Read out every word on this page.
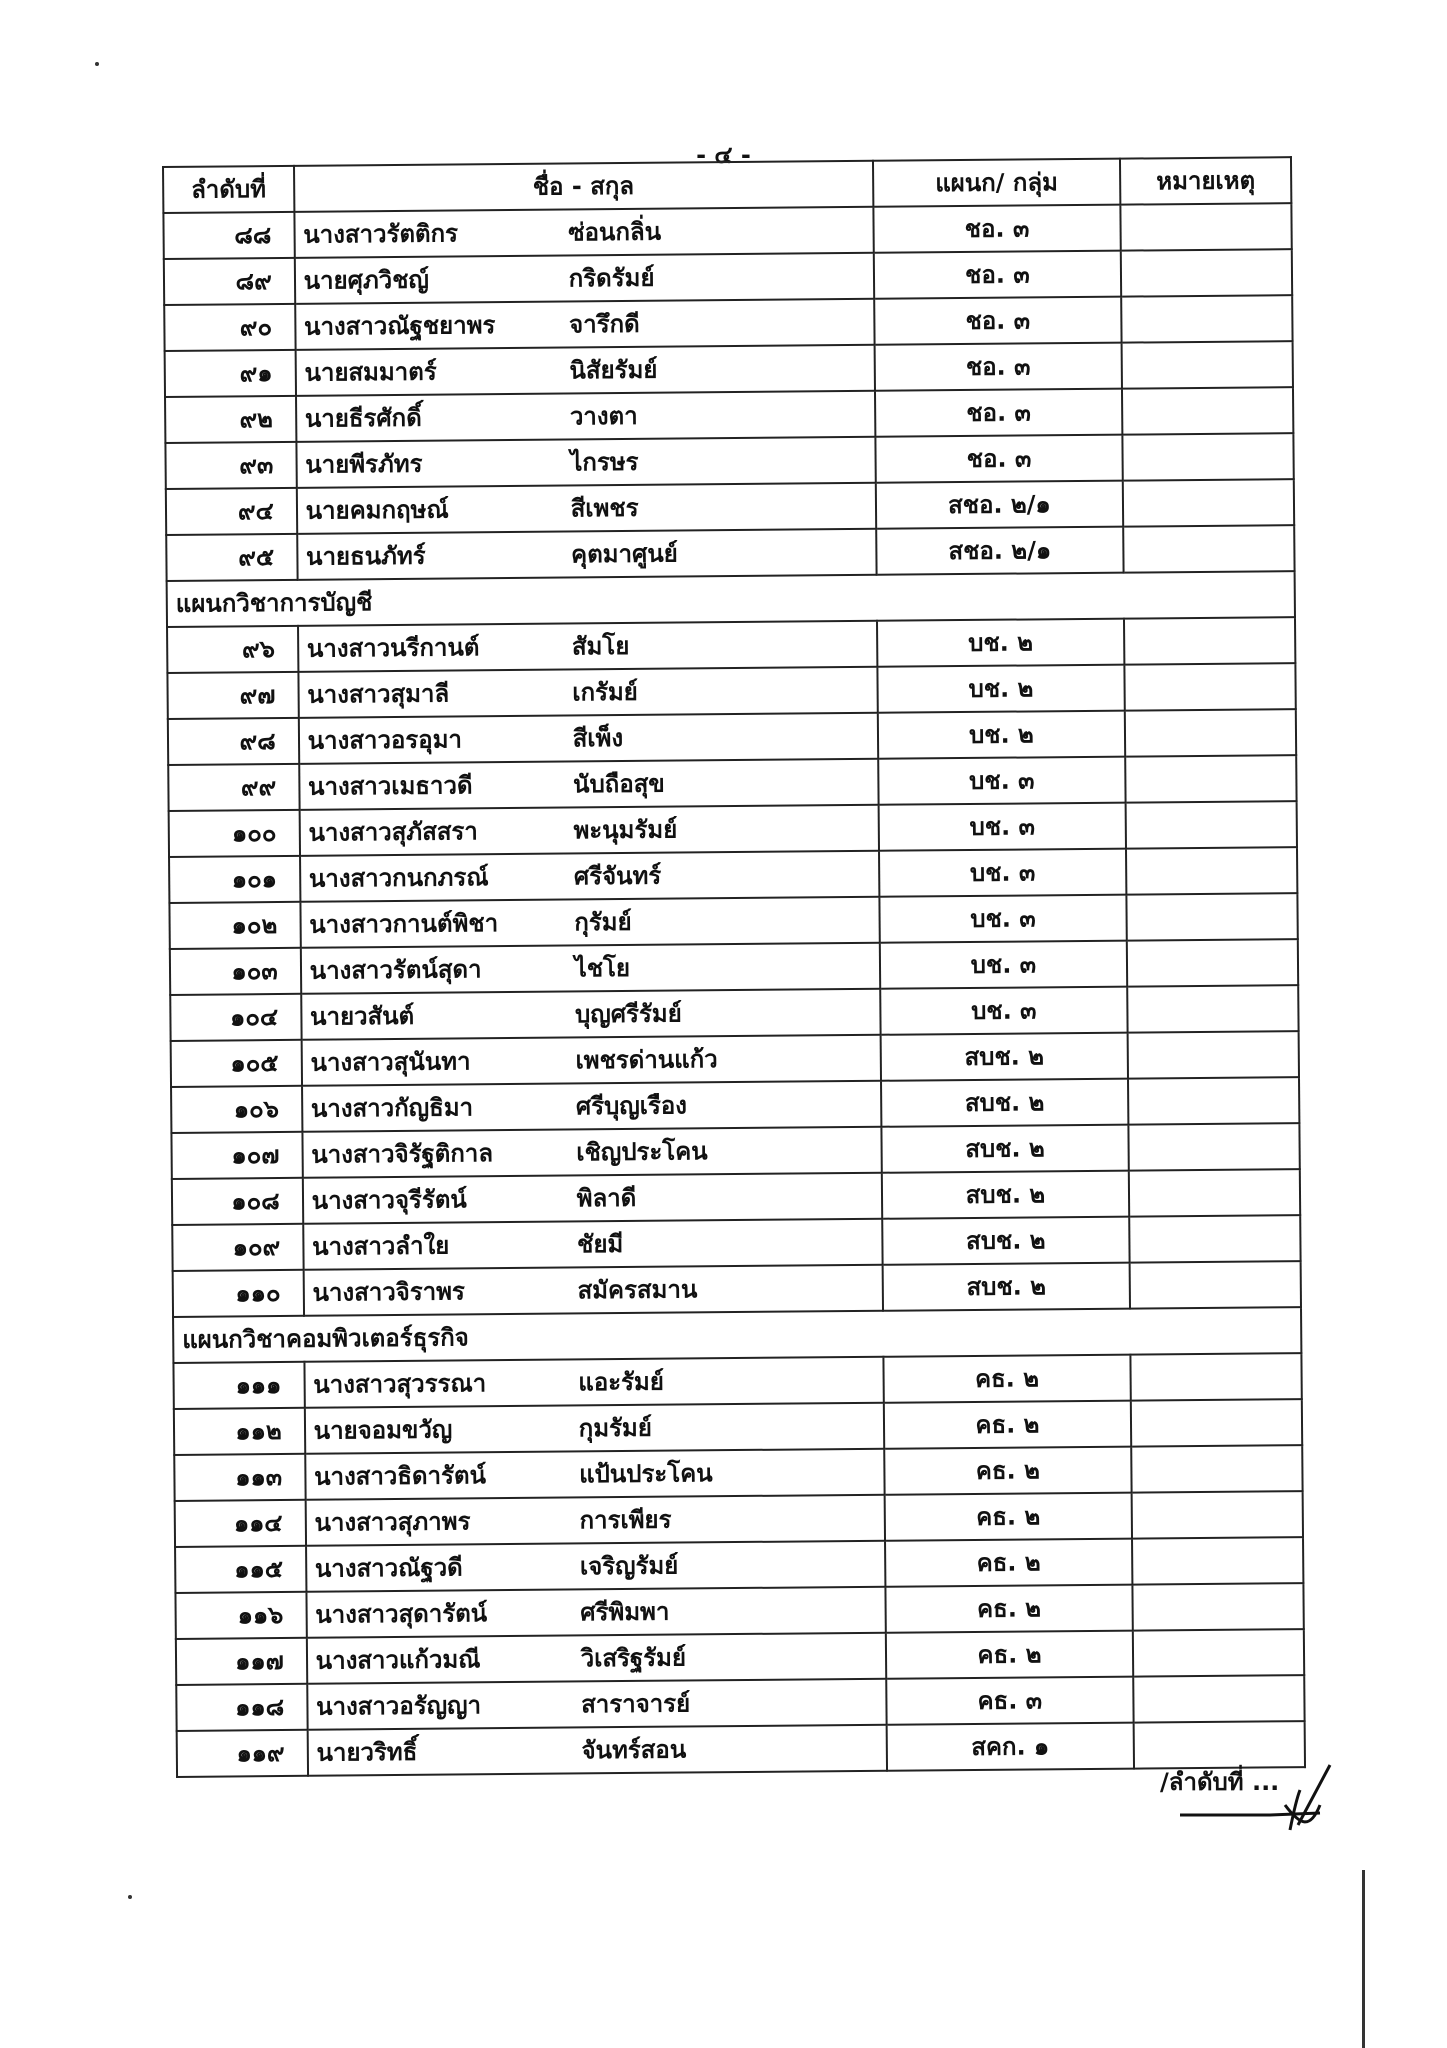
- ๔ -
ลำดับที่	ชื่อ - สกุล	แผนก/ กลุ่ม	หมายเหตุ
๘๘	นางสาวรัตติกร ซ่อนกลิ่น	ชอ. ๓	
๘๙	นายศุภวิชญ์ กริดรัมย์	ชอ. ๓	
๙๐	นางสาวณัฐชยาพร จารึกดี	ชอ. ๓	
๙๑	นายสมมาตร์ นิสัยรัมย์	ชอ. ๓	
๙๒	นายธีรศักดิ์ วางตา	ชอ. ๓	
๙๓	นายพีรภัทร ไกรษร	ชอ. ๓	
๙๔	นายคมกฤษณ์ สีเพชร	สชอ. ๒/๑	
๙๕	นายธนภัทร์ คุตมาศูนย์	สชอ. ๒/๑	
แผนกวิชาการบัญชี			
๙๖	นางสาวนรีกานต์ สัมโย	บช. ๒	
๙๗	นางสาวสุมาลี เกรัมย์	บช. ๒	
๙๘	นางสาวอรอุมา สีเพ็ง	บช. ๒	
๙๙	นางสาวเมธาวดี นับถือสุข	บช. ๓	
๑๐๐	นางสาวสุภัสสรา พะนุมรัมย์	บช. ๓	
๑๐๑	นางสาวกนกภรณ์ ศรีจันทร์	บช. ๓	
๑๐๒	นางสาวกานต์พิชา กุรัมย์	บช. ๓	
๑๐๓	นางสาวรัตน์สุดา ไชโย	บช. ๓	
๑๐๔	นายวสันต์ บุญศรีรัมย์	บช. ๓	
๑๐๕	นางสาวสุนันทา เพชรด่านแก้ว	สบช. ๒	
๑๐๖	นางสาวกัญธิมา ศรีบุญเรือง	สบช. ๒	
๑๐๗	นางสาวจิรัฐติกาล เชิญประโคน	สบช. ๒	
๑๐๘	นางสาวจุรีรัตน์ พิลาดี	สบช. ๒	
๑๐๙	นางสาวลำใย ชัยมี	สบช. ๒	
๑๑๐	นางสาวจิราพร สมัครสมาน	สบช. ๒	
แผนกวิชาคอมพิวเตอร์ธุรกิจ			
๑๑๑	นางสาวสุวรรณา แอะรัมย์	คธ. ๒	
๑๑๒	นายจอมขวัญ กุมรัมย์	คธ. ๒	
๑๑๓	นางสาวธิดารัตน์ แป้นประโคน	คธ. ๒	
๑๑๔	นางสาวสุภาพร การเพียร	คธ. ๒	
๑๑๕	นางสาวณัฐวดี เจริญรัมย์	คธ. ๒	
๑๑๖	นางสาวสุดารัตน์ ศรีพิมพา	คธ. ๒	
๑๑๗	นางสาวแก้วมณี วิเสริฐรัมย์	คธ. ๒	
๑๑๘	นางสาวอรัญญา สาราจารย์	คธ. ๓	
๑๑๙	นายวริทธิ์ จันทร์สอน	สคก. ๑	
/ลำดับที่ ...
